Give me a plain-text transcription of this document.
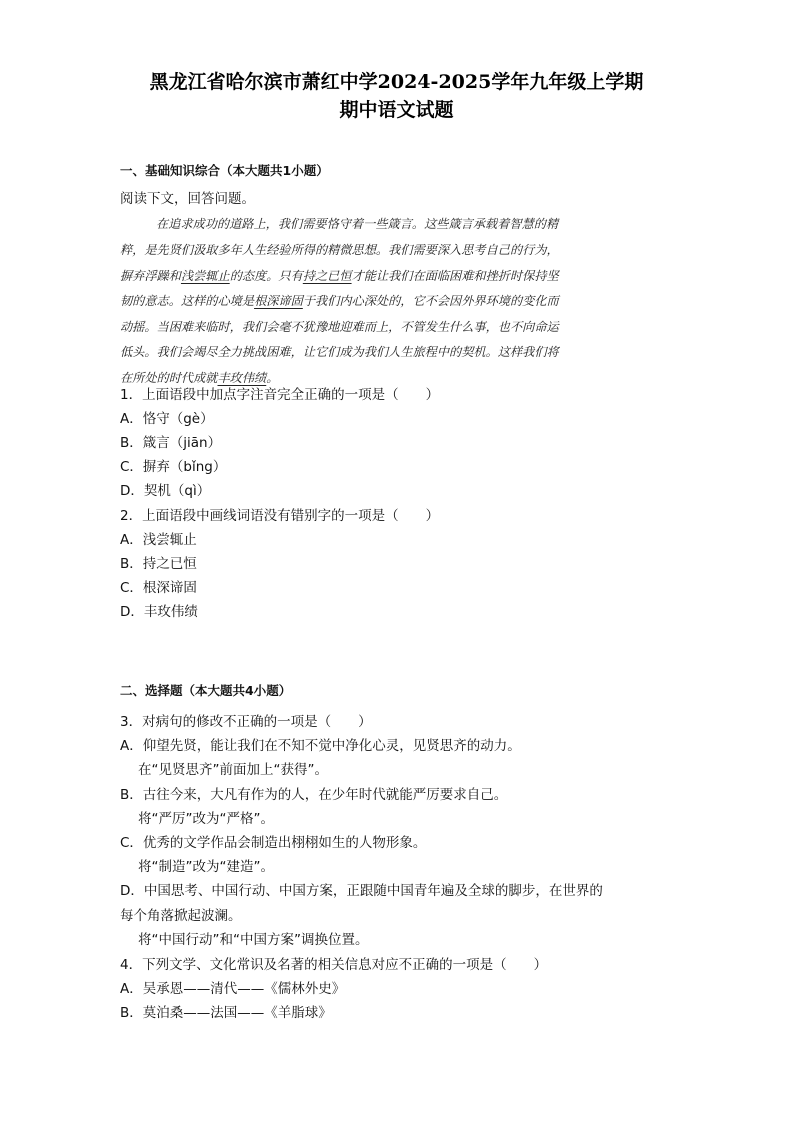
黑龙江省哈尔滨市萧红中学2024-2025学年九年级上学期
期中语文试题
一、基础知识综合（本大题共1小题）
阅读下文，回答问题。
在追求成功的道路上，我们需要恪守着一些箴言。这些箴言承载着智慧的精
粹，是先贤们汲取多年人生经验所得的精微思想。我们需要深入思考自己的行为，
摒弃浮躁和浅尝辄止的态度。只有持之已恒才能让我们在面临困难和挫折时保持坚
韧的意志。这样的心境是根深谛固于我们内心深处的，它不会因外界环境的变化而
动摇。当困难来临时，我们会毫不犹豫地迎难而上，不管发生什么事，也不向命运
低头。我们会竭尽全力挑战困难，让它们成为我们人生旅程中的契机。这样我们将
在所处的时代成就丰玫伟绩。
1．上面语段中加点字注音完全正确的一项是（　　）
A．恪守（gè）
B．箴言（jiān）
C．摒弃（bǐng）
D．契机（qì）
2．上面语段中画线词语没有错别字的一项是（　　）
A．浅尝辄止
B．持之已恒
C．根深谛固
D．丰玫伟绩
二、选择题（本大题共4小题）
3．对病句的修改不正确的一项是（　　）
A．仰望先贤，能让我们在不知不觉中净化心灵，见贤思齐的动力。
在“见贤思齐”前面加上“获得”。
B．古往今来，大凡有作为的人，在少年时代就能严厉要求自己。
将“严厉”改为“严格”。
C．优秀的文学作品会制造出栩栩如生的人物形象。
将“制造”改为“建造”。
D．中国思考、中国行动、中国方案，正跟随中国青年遍及全球的脚步，在世界的
每个角落掀起波澜。
将“中国行动”和“中国方案”调换位置。
4．下列文学、文化常识及名著的相关信息对应不正确的一项是（　　）
A．吴承恩——清代——《儒林外史》
B．莫泊桑——法国——《羊脂球》
